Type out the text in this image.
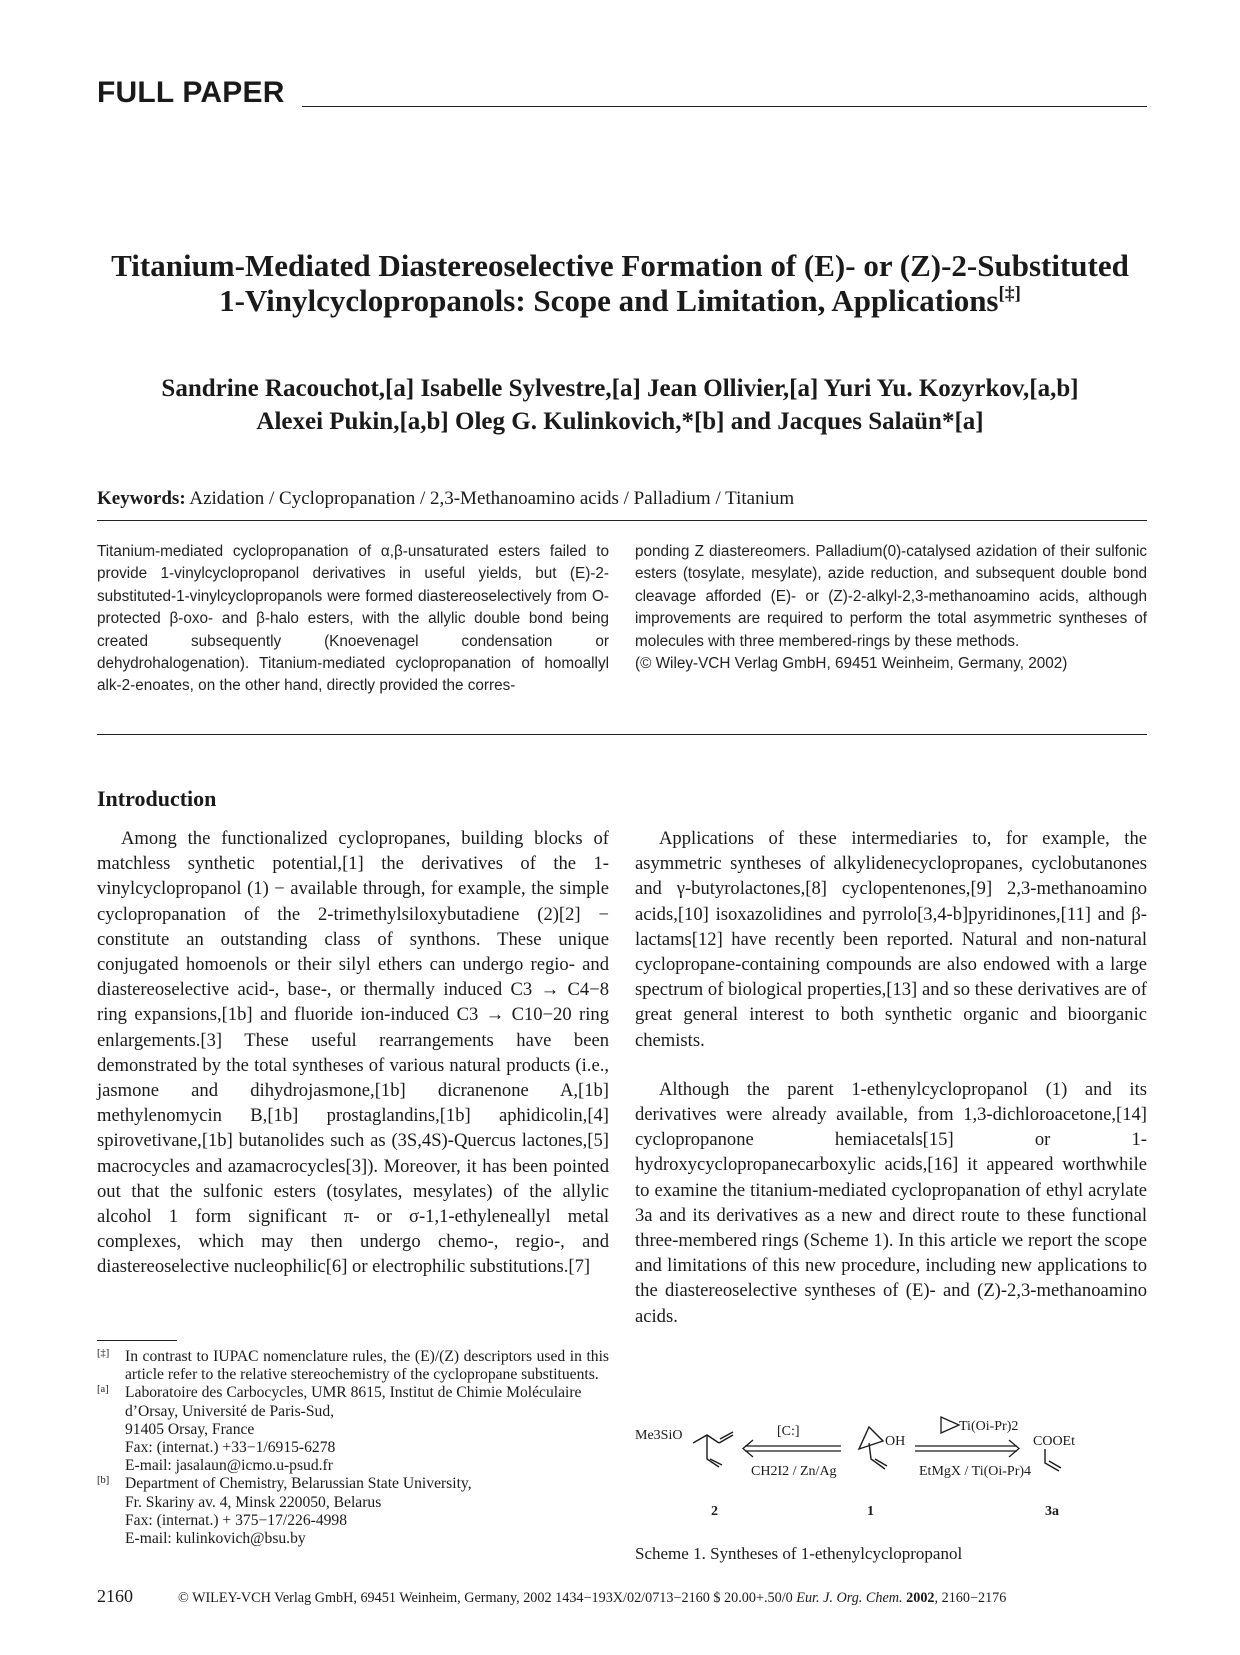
FULL PAPER
Titanium-Mediated Diastereoselective Formation of (E)- or (Z)-2-Substituted
1-Vinylcyclopropanols: Scope and Limitation, Applications[‡]
Sandrine Racouchot,[a] Isabelle Sylvestre,[a] Jean Ollivier,[a] Yuri Yu. Kozyrkov,[a,b]
Alexei Pukin,[a,b] Oleg G. Kulinkovich,*[b] and Jacques Salaün*[a]
Keywords: Azidation / Cyclopropanation / 2,3-Methanoamino acids / Palladium / Titanium
Titanium-mediated cyclopropanation of α,β-unsaturated esters failed to provide 1-vinylcyclopropanol derivatives in useful yields, but (E)-2-substituted-1-vinylcyclopropanols were formed diastereoselectively from O-protected β-oxo- and β-halo esters, with the allylic double bond being created subsequently (Knoevenagel condensation or dehydrohalogenation). Titanium-mediated cyclopropanation of homoallyl alk-2-enoates, on the other hand, directly provided the corres-
ponding Z diastereomers. Palladium(0)-catalysed azidation of their sulfonic esters (tosylate, mesylate), azide reduction, and subsequent double bond cleavage afforded (E)- or (Z)-2-alkyl-2,3-methanoamino acids, although improvements are required to perform the total asymmetric syntheses of molecules with three membered-rings by these methods.
(© Wiley-VCH Verlag GmbH, 69451 Weinheim, Germany, 2002)
Introduction

Among the functionalized cyclopropanes, building blocks of matchless synthetic potential,[1] the derivatives of the 1-vinylcyclopropanol (1) − available through, for example, the simple cyclopropanation of the 2-trimethylsiloxybutadiene (2)[2] − constitute an outstanding class of synthons. These unique conjugated homoenols or their silyl ethers can undergo regio- and diastereoselective acid-, base-, or thermally induced C3 → C4−8 ring expansions,[1b] and fluoride ion-induced C3 → C10−20 ring enlargements.[3] These useful rearrangements have been demonstrated by the total syntheses of various natural products (i.e., jasmone and dihydrojasmone,[1b] dicranenone A,[1b] methylenomycin B,[1b] prostaglandins,[1b] aphidicolin,[4] spirovetivane,[1b] butanolides such as (3S,4S)-Quercus lactones,[5] macrocycles and azamacrocycles[3]). Moreover, it has been pointed out that the sulfonic esters (tosylates, mesylates) of the allylic alcohol 1 form significant π- or σ-1,1-ethyleneallyl metal complexes, which may then undergo chemo-, regio-, and diastereoselective nucleophilic[6] or electrophilic substitutions.[7]

Applications of these intermediaries to, for example, the asymmetric syntheses of alkylidenecyclopropanes, cyclobutanones and γ-butyrolactones,[8] cyclopentenones,[9] 2,3-methanoamino acids,[10] isoxazolidines and pyrrolo[3,4-b]pyridinones,[11] and β-lactams[12] have recently been reported. Natural and non-natural cyclopropane-containing compounds are also endowed with a large spectrum of biological properties,[13] and so these derivatives are of great general interest to both synthetic organic and bioorganic chemists.

Although the parent 1-ethenylcyclopropanol (1) and its derivatives were already available, from 1,3-dichloroacetone,[14] cyclopropanone hemiacetals[15] or 1-hydroxycyclopropanecarboxylic acids,[16] it appeared worthwhile to examine the titanium-mediated cyclopropanation of ethyl acrylate 3a and its derivatives as a new and direct route to these functional three-membered rings (Scheme 1). In this article we report the scope and limitations of this new procedure, including new applications to the diastereoselective syntheses of (E)- and (Z)-2,3-methanoamino acids.

[‡] In contrast to IUPAC nomenclature rules, the (E)/(Z) descriptors used in this article refer to the relative stereochemistry of the cyclopropane substituents.
[a] Laboratoire des Carbocycles, UMR 8615, Institut de Chimie Moléculaire d’Orsay, Université de Paris-Sud,
91405 Orsay, France
Fax: (internat.) +33−1/6915-6278
E-mail: jasalaun@icmo.u-psud.fr
[b] Department of Chemistry, Belarussian State University,
Fr. Skariny av. 4, Minsk 220050, Belarus
Fax: (internat.) + 375−17/226-4998
E-mail: kulinkovich@bsu.by
Me3SiO
2
[C:]
CH2I2 / Zn/Ag
OH
1
Ti(Oi-Pr)2
EtMgX / Ti(Oi-Pr)4
COOEt
3a
Scheme 1. Syntheses of 1-ethenylcyclopropanol
2160	© WILEY-VCH Verlag GmbH, 69451 Weinheim, Germany, 2002 1434−193X/02/0713−2160 $ 20.00+.50/0 Eur. J. Org. Chem. 2002, 2160−2176
